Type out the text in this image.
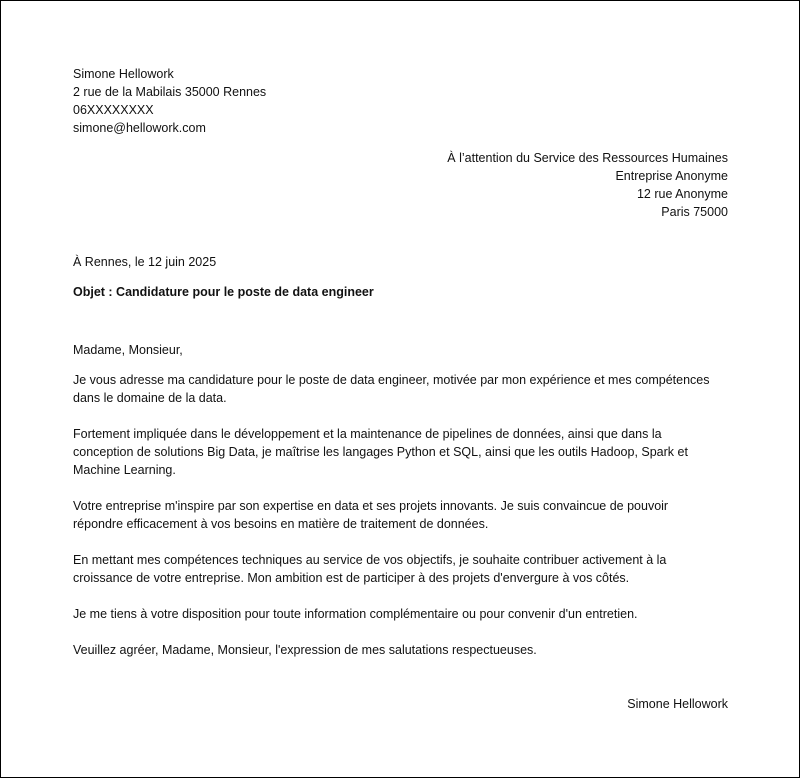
Simone Hellowork
2 rue de la Mabilais 35000 Rennes
06XXXXXXXX
simone@hellowork.com
À l’attention du Service des Ressources Humaines
Entreprise Anonyme
12 rue Anonyme
Paris 75000
À Rennes, le 12 juin 2025
Objet : Candidature pour le poste de data engineer
Madame, Monsieur,
Je vous adresse ma candidature pour le poste de data engineer, motivée par mon expérience et mes compétences
dans le domaine de la data.
Fortement impliquée dans le développement et la maintenance de pipelines de données, ainsi que dans la
conception de solutions Big Data, je maîtrise les langages Python et SQL, ainsi que les outils Hadoop, Spark et
Machine Learning.
Votre entreprise m'inspire par son expertise en data et ses projets innovants. Je suis convaincue de pouvoir
répondre efficacement à vos besoins en matière de traitement de données.
En mettant mes compétences techniques au service de vos objectifs, je souhaite contribuer activement à la
croissance de votre entreprise. Mon ambition est de participer à des projets d'envergure à vos côtés.
Je me tiens à votre disposition pour toute information complémentaire ou pour convenir d'un entretien.
Veuillez agréer, Madame, Monsieur, l'expression de mes salutations respectueuses.
Simone Hellowork
